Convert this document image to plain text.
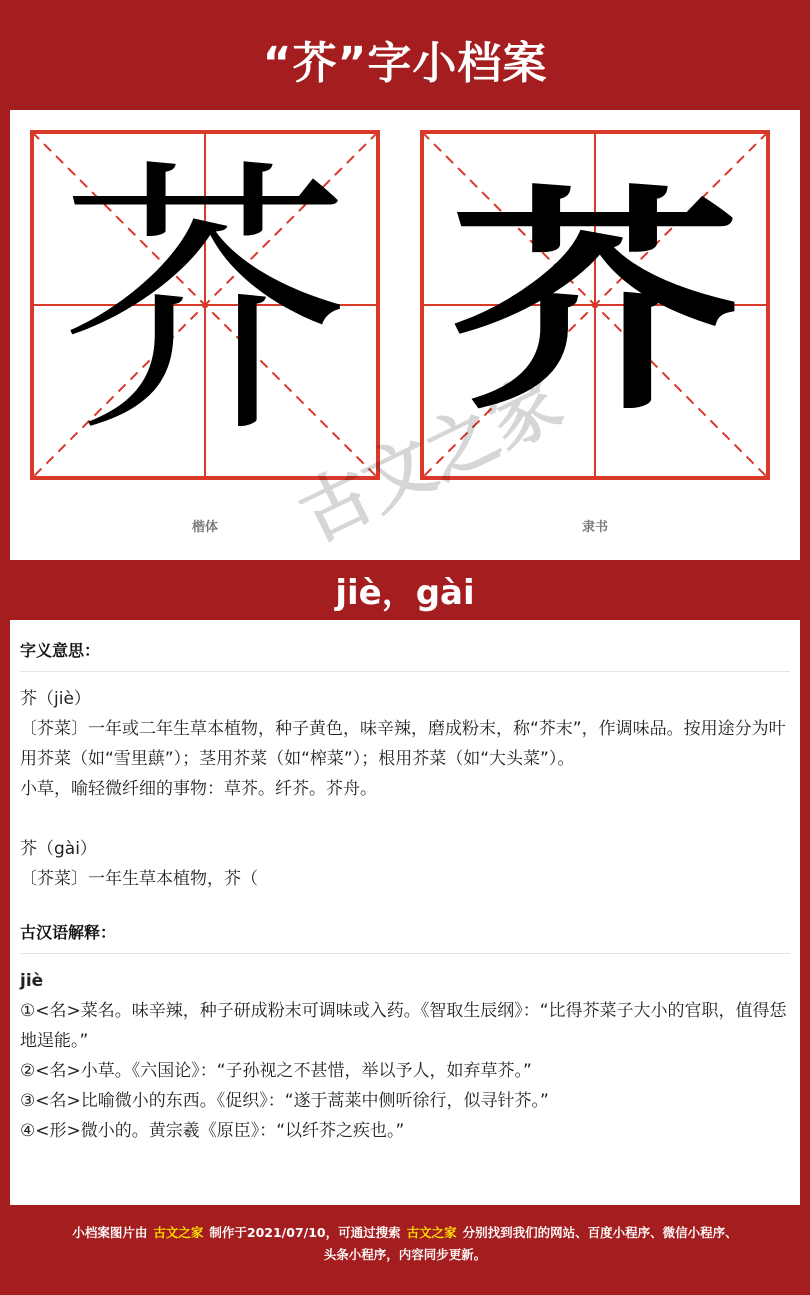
“芥”字小档案
芥
楷体
芥
隶书
古文之家
jiè，gài
字义意思：

芥（jiè）

〔芥菜〕一年或二年生草本植物，种子黄色，味辛辣，磨成粉末，称“芥末”，作调味品。按用途分为叶用芥菜（如“雪里蕻”）；茎用芥菜（如“榨菜”）；根用芥菜（如“大头菜”）。

小草，喻轻微纤细的事物：草芥。纤芥。芥舟。

芥（gài）

〔芥菜〕一年生草本植物，芥（

古汉语解释：

jiè

①<名>菜名。味辛辣，种子研成粉末可调味或入药。《智取生辰纲》：“比得芥菜子大小的官职，值得恁地逞能。”

②<名>小草。《六国论》：“子孙视之不甚惜，举以予人，如弃草芥。”

③<名>比喻微小的东西。《促织》：“遂于蒿莱中侧听徐行，似寻针芥。”

④<形>微小的。黄宗羲《原臣》：“以纤芥之疾也。”

小档案图片由 古文之家 制作于2021/07/10，可通过搜索 古文之家 分别找到我们的网站、百度小程序、微信小程序、
头条小程序，内容同步更新。
